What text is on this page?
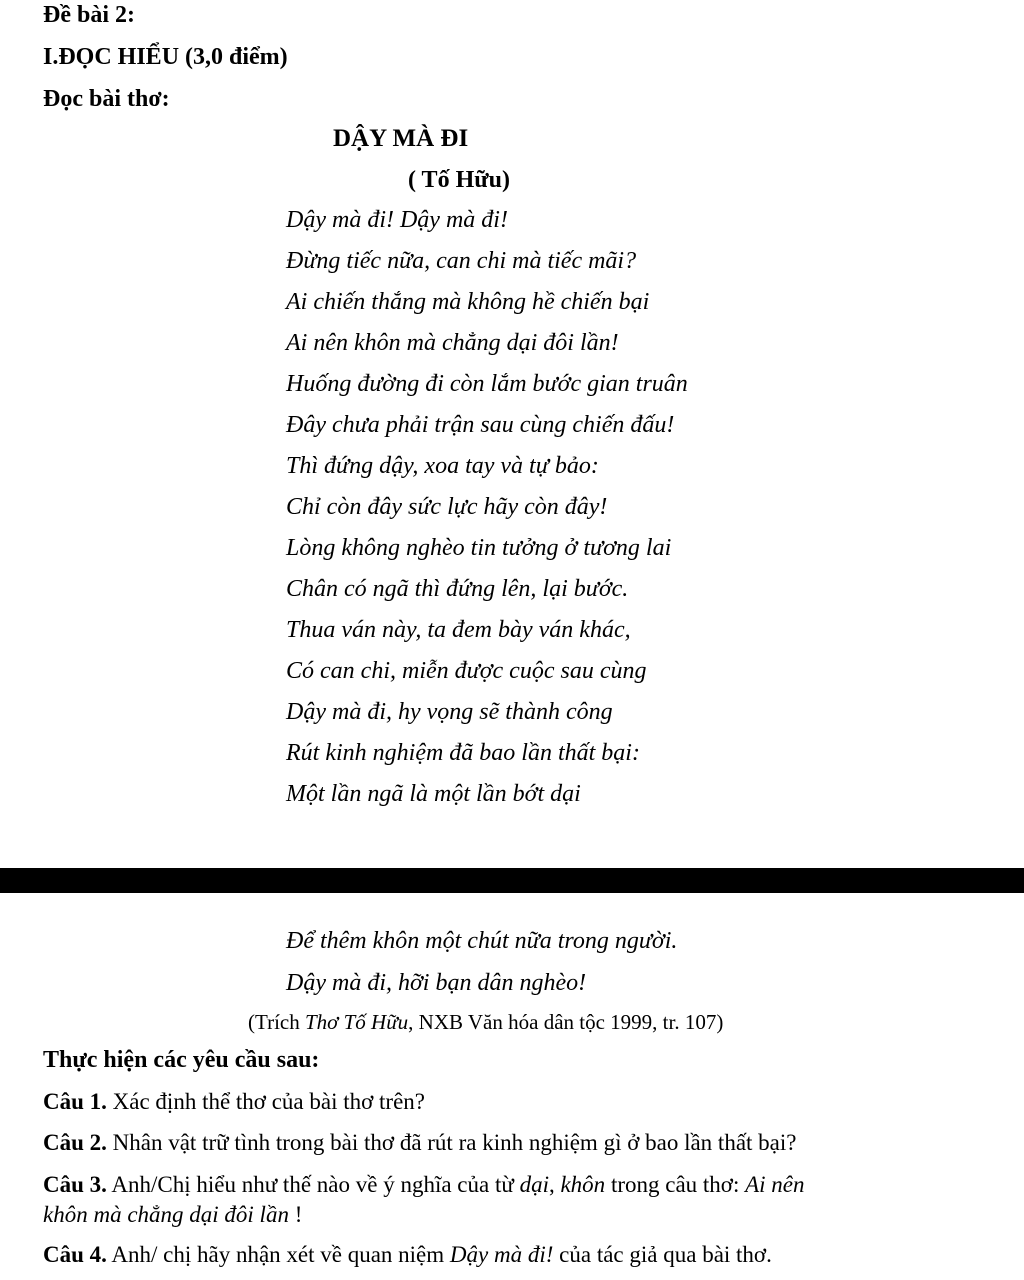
Đề bài 2:
I.ĐỌC HIỂU (3,0 điểm)
Đọc bài thơ:
DẬY MÀ ĐI
( Tố Hữu)
Dậy mà đi! Dậy mà đi!
Đừng tiếc nữa, can chi mà tiếc mãi?
Ai chiến thắng mà không hề chiến bại
Ai nên khôn mà chẳng dại đôi lần!
Huống đường đi còn lắm bước gian truân
Đây chưa phải trận sau cùng chiến đấu!
Thì đứng dậy, xoa tay và tự bảo:
Chỉ còn đây sức lực hãy còn đây!
Lòng không nghèo tin tưởng ở tương lai
Chân có ngã thì đứng lên, lại bước.
Thua ván này, ta đem bày ván khác,
Có can chi, miễn được cuộc sau cùng
Dậy mà đi, hy vọng sẽ thành công
Rút kinh nghiệm đã bao lần thất bại:
Một lần ngã là một lần bớt dại
Để thêm khôn một chút nữa trong người.
Dậy mà đi, hỡi bạn dân nghèo!
(Trích Thơ Tố Hữu, NXB Văn hóa dân tộc 1999, tr. 107)
Thực hiện các yêu cầu sau:
Câu 1. Xác định thể thơ của bài thơ trên?
Câu 2. Nhân vật trữ tình trong bài thơ đã rút ra kinh nghiệm gì ở bao lần thất bại?
Câu 3. Anh/Chị hiểu như thế nào về ý nghĩa của từ dại, khôn trong câu thơ: Ai nên
khôn mà chẳng dại đôi lần !
Câu 4. Anh/ chị hãy nhận xét về quan niệm Dậy mà đi! của tác giả qua bài thơ.
